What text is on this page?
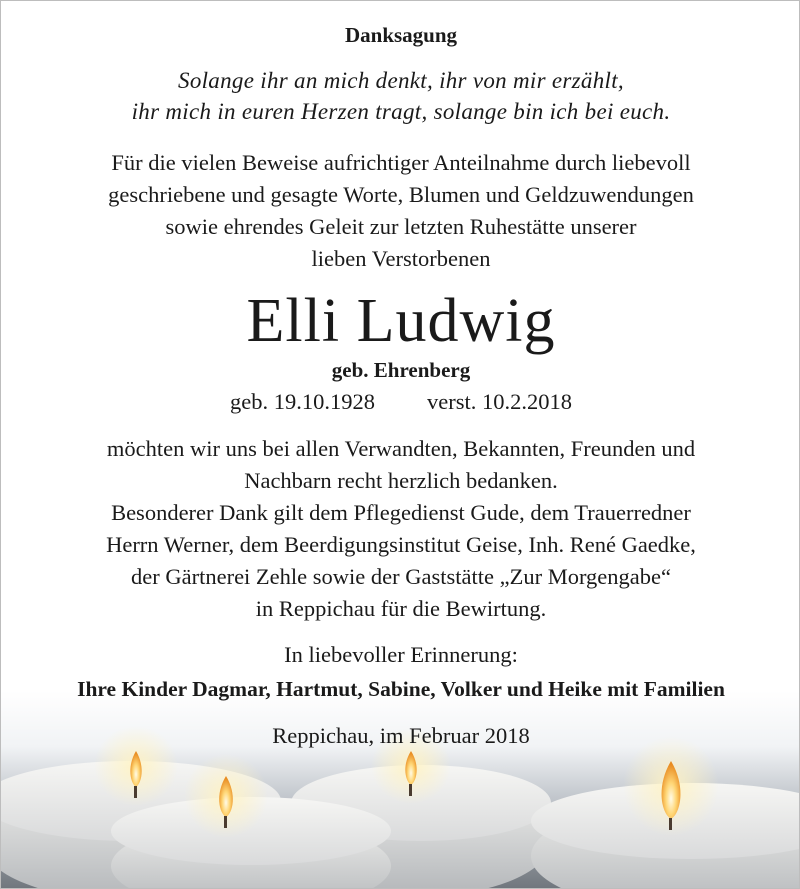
Danksagung
Solange ihr an mich denkt, ihr von mir erzählt,
ihr mich in euren Herzen tragt, solange bin ich bei euch.
Für die vielen Beweise aufrichtiger Anteilnahme durch liebevoll
geschriebene und gesagte Worte, Blumen und Geldzuwendungen
sowie ehrendes Geleit zur letzten Ruhestätte unserer
lieben Verstorbenen
Elli Ludwig
geb. Ehrenberg
geb. 19.10.1928 verst. 10.2.2018
möchten wir uns bei allen Verwandten, Bekannten, Freunden und
Nachbarn recht herzlich bedanken.
Besonderer Dank gilt dem Pflegedienst Gude, dem Trauerredner
Herrn Werner, dem Beerdigungsinstitut Geise, Inh. René Gaedke,
der Gärtnerei Zehle sowie der Gaststätte „Zur Morgengabe“
in Reppichau für die Bewirtung.
In liebevoller Erinnerung:
Ihre Kinder Dagmar, Hartmut, Sabine, Volker und Heike mit Familien
Reppichau, im Februar 2018
